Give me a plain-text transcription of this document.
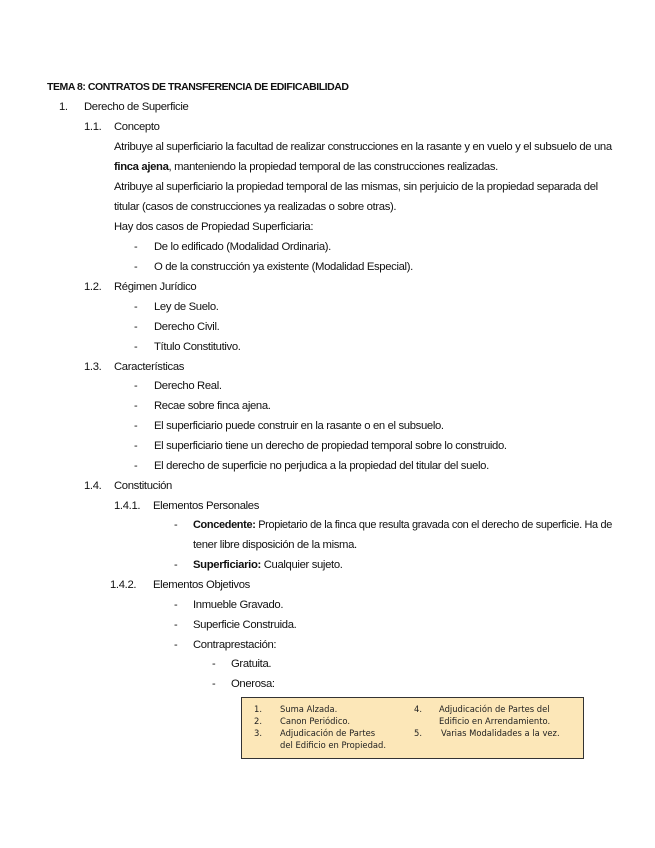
TEMA 8: CONTRATOS DE TRANSFERENCIA DE EDIFICABILIDAD
1. Derecho de Superficie
1.1. Concepto
Atribuye al superficiario la facultad de realizar construcciones en la rasante y en vuelo y el subsuelo de una
finca ajena, manteniendo la propiedad temporal de las construcciones realizadas.
Atribuye al superficiario la propiedad temporal de las mismas, sin perjuicio de la propiedad separada del
titular (casos de construcciones ya realizadas o sobre otras).
Hay dos casos de Propiedad Superficiaria:
- De lo edificado (Modalidad Ordinaria).
- O de la construcción ya existente (Modalidad Especial).
1.2. Régimen Jurídico
- Ley de Suelo.
- Derecho Civil.
- Título Constitutivo.
1.3. Características
- Derecho Real.
- Recae sobre finca ajena.
- El superficiario puede construir en la rasante o en el subsuelo.
- El superficiario tiene un derecho de propiedad temporal sobre lo construido.
- El derecho de superficie no perjudica a la propiedad del titular del suelo.
1.4. Constitución
1.4.1. Elementos Personales
- Concedente: Propietario de la finca que resulta gravada con el derecho de superficie. Ha de
tener libre disposición de la misma.
- Superficiario: Cualquier sujeto.
1.4.2. Elementos Objetivos
- Inmueble Gravado.
- Superficie Construida.
- Contraprestación:
- Gratuita.
- Onerosa:
1. Suma Alzada.
2. Canon Periódico.
3. Adjudicación de Partes
del Edificio en Propiedad.
4. Adjudicación de Partes del
Edificio en Arrendamiento.
5. Varias Modalidades a la vez.
